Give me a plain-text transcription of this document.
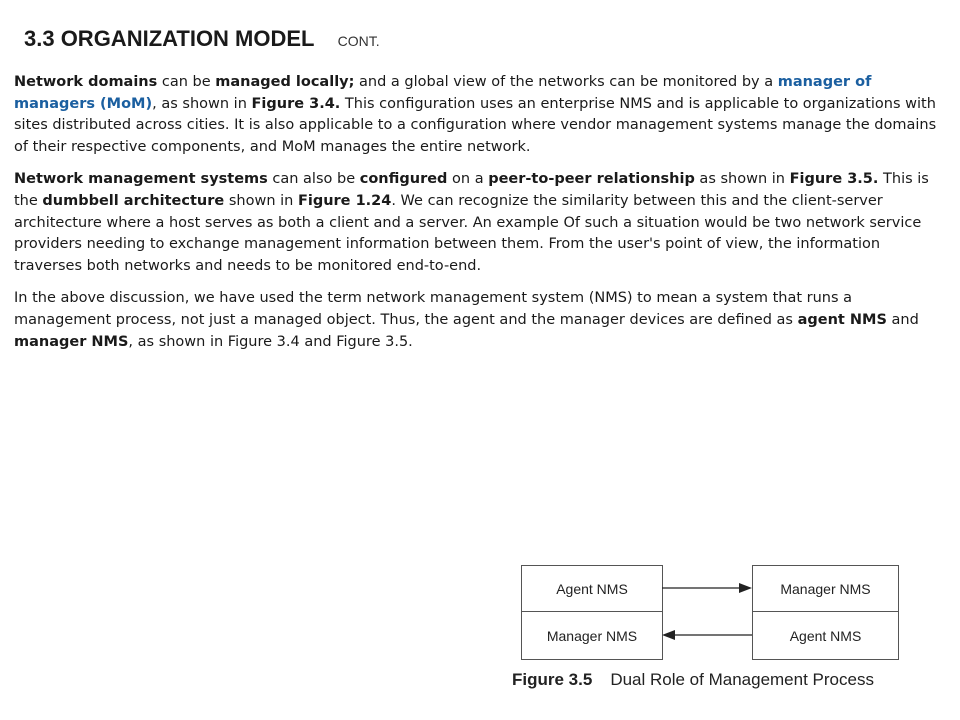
3.3 ORGANIZATION MODEL CONT.

Network domains can be managed locally; and a global view of the networks can be monitored by a manager of managers (MoM), as shown in Figure 3.4. This configuration uses an enterprise NMS and is applicable to organizations with sites distributed across cities. It is also applicable to a configuration where vendor management systems manage the domains of their respective components, and MoM manages the entire network.

Network management systems can also be configured on a peer-to-peer relationship as shown in Figure 3.5. This is the dumbbell architecture shown in Figure 1.24. We can recognize the similarity between this and the client-server architecture where a host serves as both a client and a server. An example Of such a situation would be two network service providers needing to exchange management information between them. From the user's point of view, the information traverses both networks and needs to be monitored end-to-end.

In the above discussion, we have used the term network management system (NMS) to mean a system that runs a management process, not just a managed object. Thus, the agent and the manager devices are defined as agent NMS and manager NMS, as shown in Figure 3.4 and Figure 3.5.

Agent NMS
Manager NMS
Manager NMS
Agent NMS
Figure 3.5 Dual Role of Management Process
